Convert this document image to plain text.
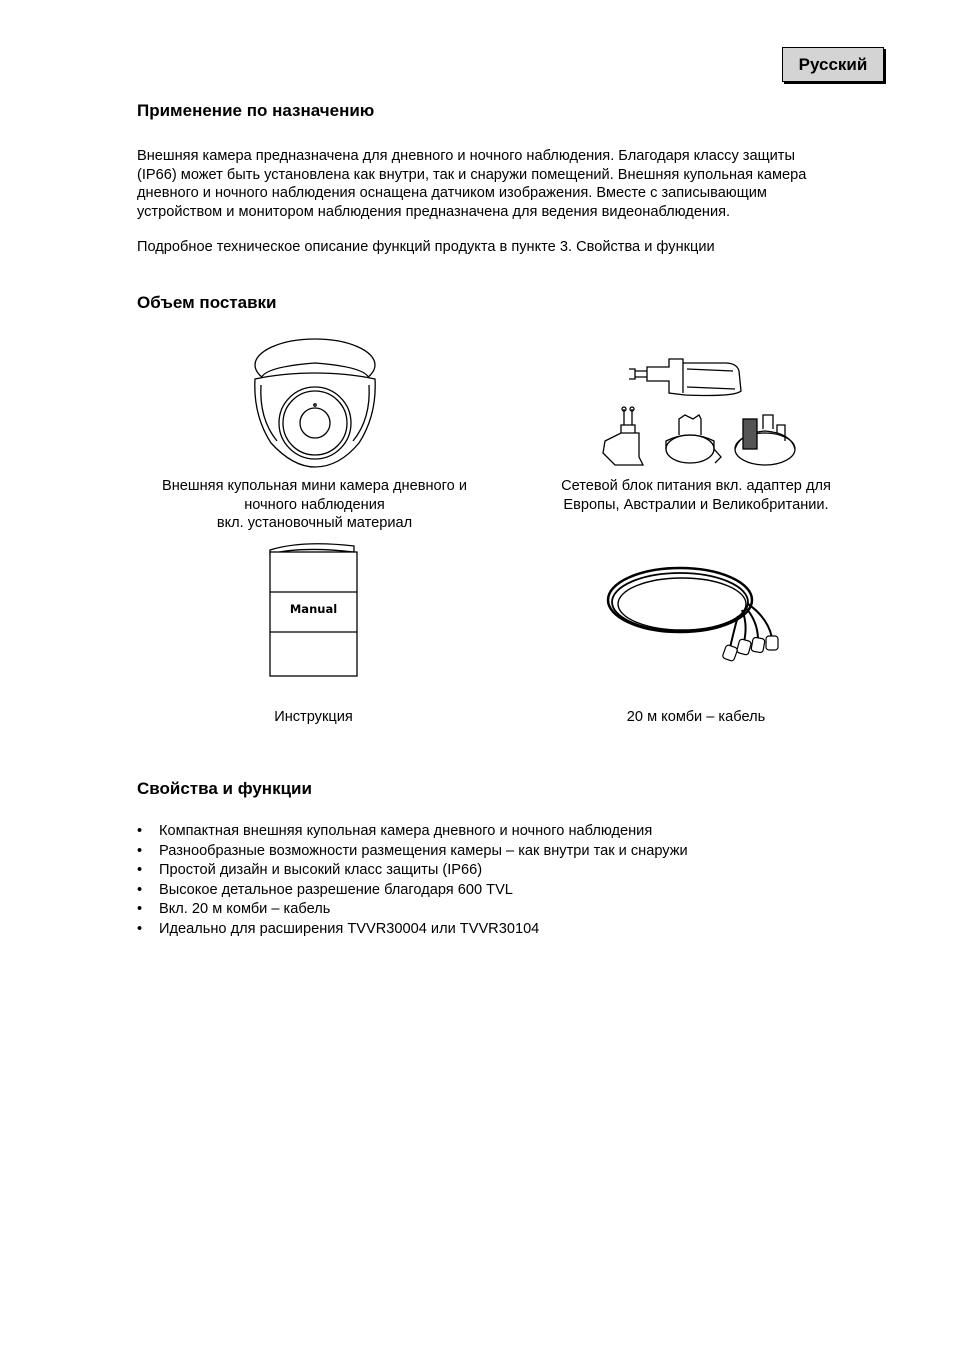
Русский
Применение по назначению
Внешняя камера предназначена для дневного и ночного наблюдения. Благодаря классу защиты
(IP66) может быть установлена как внутри, так и снаружи помещений. Внешняя купольная камера
дневного и ночного наблюдения оснащена датчиком изображения. Вместе с записывающим
устройством и монитором наблюдения предназначена для ведения видеонаблюдения.

Подробное техническое описание функций продукта в пункте 3. Свойства и функции

Объем поставки
Внешняя купольная мини камера дневного и
ночного наблюдения
вкл. установочный материал
Сетевой блок питания вкл. адаптер для
Европы, Австралии и Великобритании.
Manual
Инструкция	20 м комби – кабель
Свойства и функции
• Компактная внешняя купольная камера дневного и ночного наблюдения
• Разнообразные возможности размещения камеры – как внутри так и снаружи
• Простой дизайн и высокий класс защиты (IP66)
• Высокое детальное разрешение благодаря 600 TVL
• Вкл. 20 м комби – кабель
• Идеально для расширения TVVR30004 или TVVR30104
